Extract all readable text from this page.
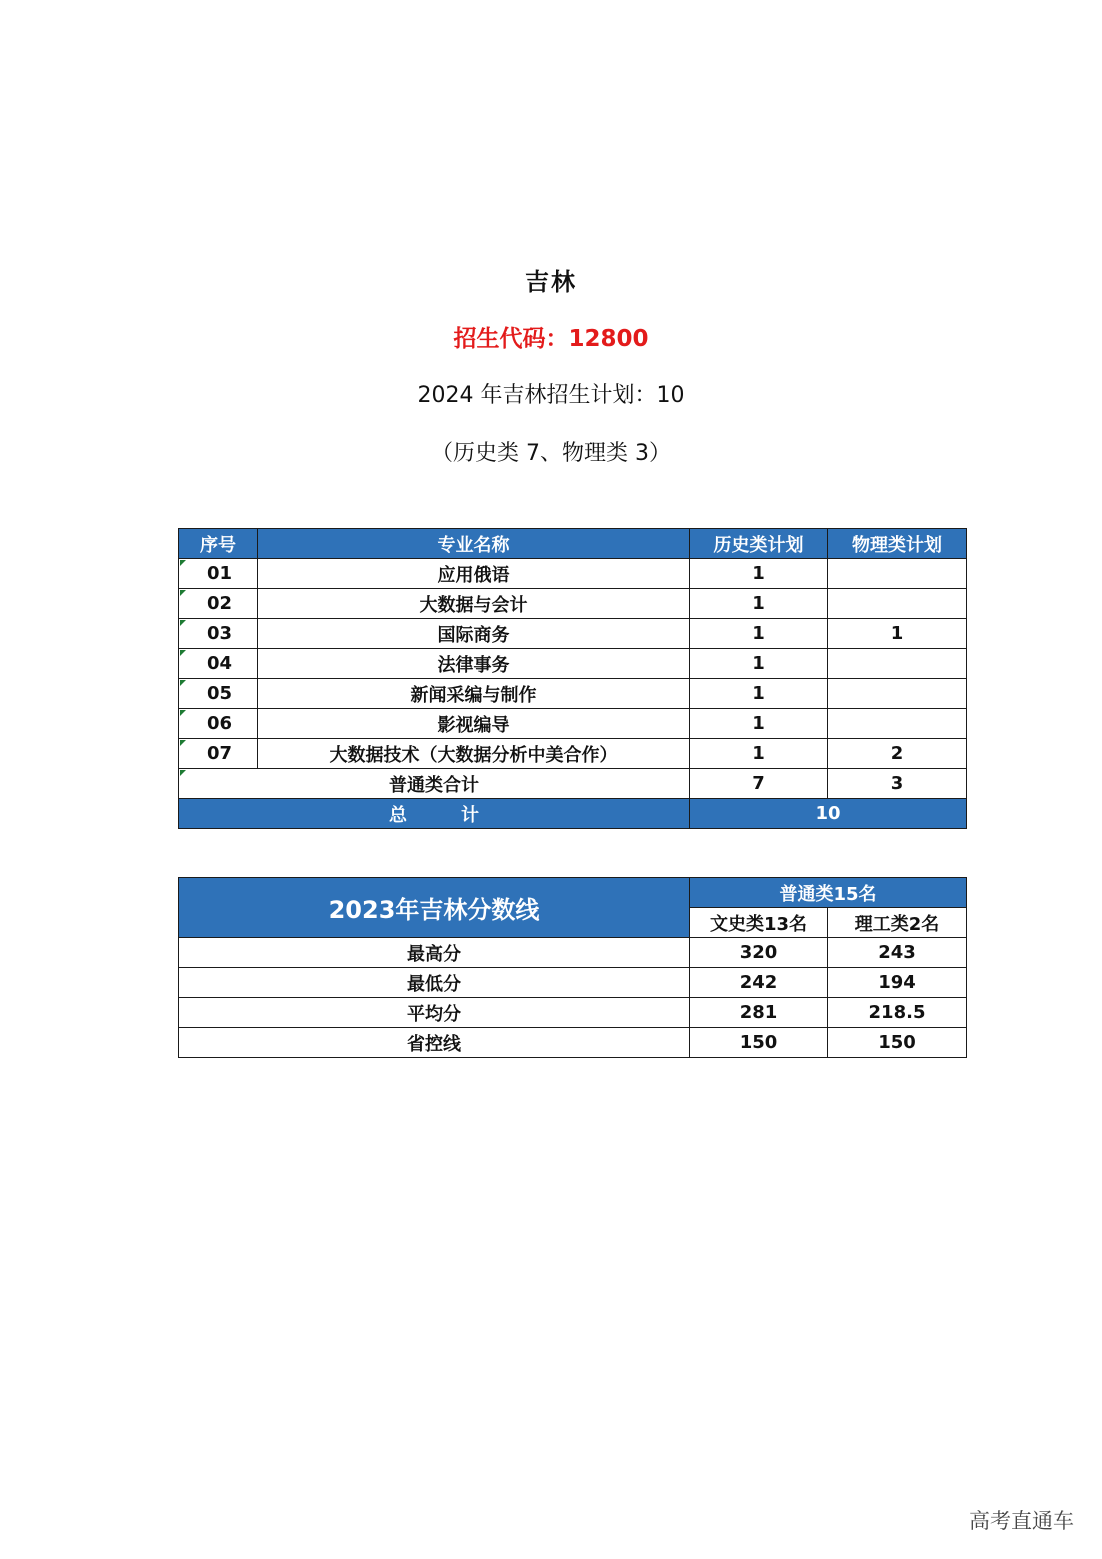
吉林
招生代码：12800
2024 年吉林招生计划：10
（历史类 7、物理类 3）
序号	专业名称	历史类计划	物理类计划
01	应用俄语	1	
02	大数据与会计	1	
03	国际商务	1	1
04	法律事务	1	
05	新闻采编与制作	1	
06	影视编导	1	
07	大数据技术（大数据分析中美合作）	1	2
普通类合计		7	3
总　　　计		10	
2023年吉林分数线	普通类15名	
	文史类13名	理工类2名
最高分	320	243
最低分	242	194
平均分	281	218.5
省控线	150	150
高考直通车
